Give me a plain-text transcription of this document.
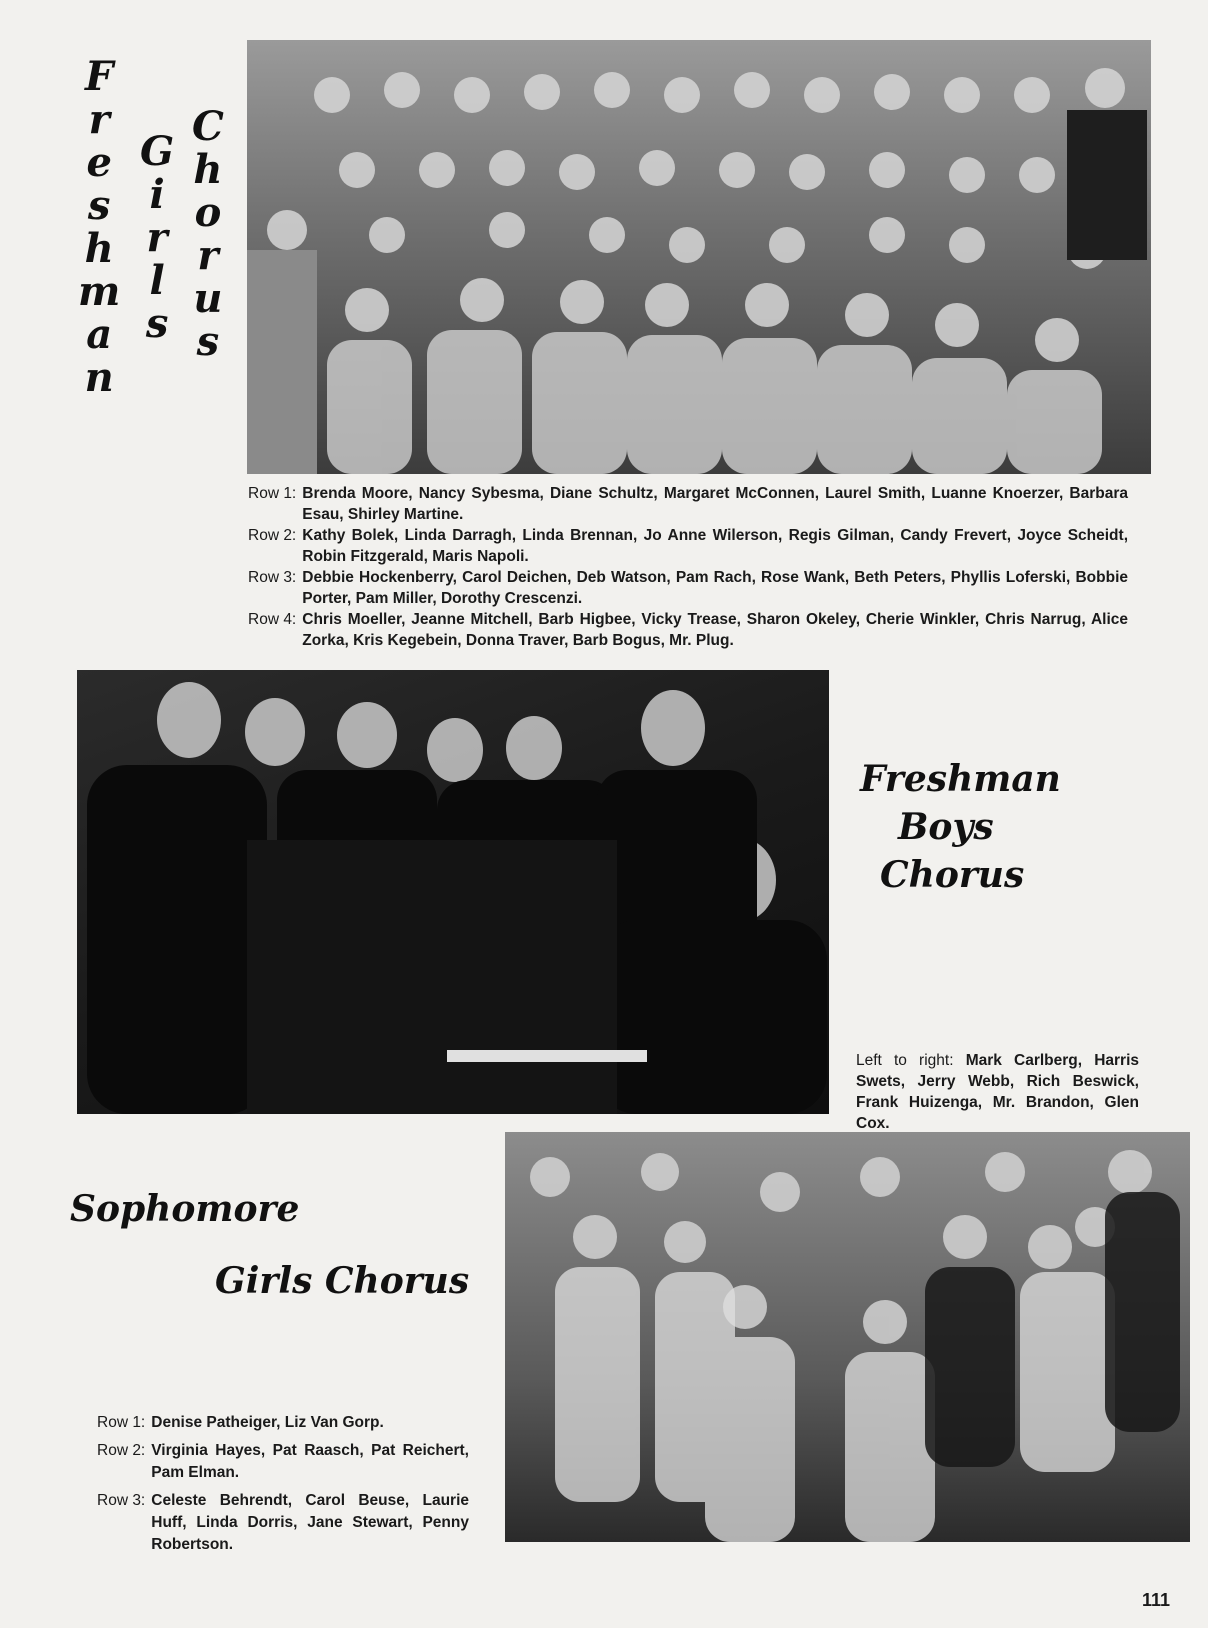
F
r
e
s
h
m
a
n
G
i
r
l
s
C
h
o
r
u
s
Row 1: Brenda Moore, Nancy Sybesma, Diane Schultz, Margaret McConnen, Laurel Smith, Luanne Knoerzer, Barbara Esau, Shirley Martine.
Row 2: Kathy Bolek, Linda Darragh, Linda Brennan, Jo Anne Wilerson, Regis Gilman, Candy Frevert, Joyce Scheidt, Robin Fitzgerald, Maris Napoli.
Row 3: Debbie Hockenberry, Carol Deichen, Deb Watson, Pam Rach, Rose Wank, Beth Peters, Phyllis Loferski, Bobbie Porter, Pam Miller, Dorothy Crescenzi.
Row 4: Chris Moeller, Jeanne Mitchell, Barb Higbee, Vicky Trease, Sharon Okeley, Cherie Winkler, Chris Narrug, Alice Zorka, Kris Kegebein, Donna Traver, Barb Bogus, Mr. Plug.
Freshman
Boys
Chorus
Left to right: Mark Carlberg, Harris Swets, Jerry Webb, Rich Beswick, Frank Huizenga, Mr. Brandon, Glen Cox.
Sophomore
Girls Chorus
Row 1: Denise Patheiger, Liz Van Gorp.
Row 2: Virginia Hayes, Pat Raasch, Pat Reichert, Pam Elman.
Row 3: Celeste Behrendt, Carol Beuse, Laurie Huff, Linda Dorris, Jane Stewart, Penny Robertson.
111
